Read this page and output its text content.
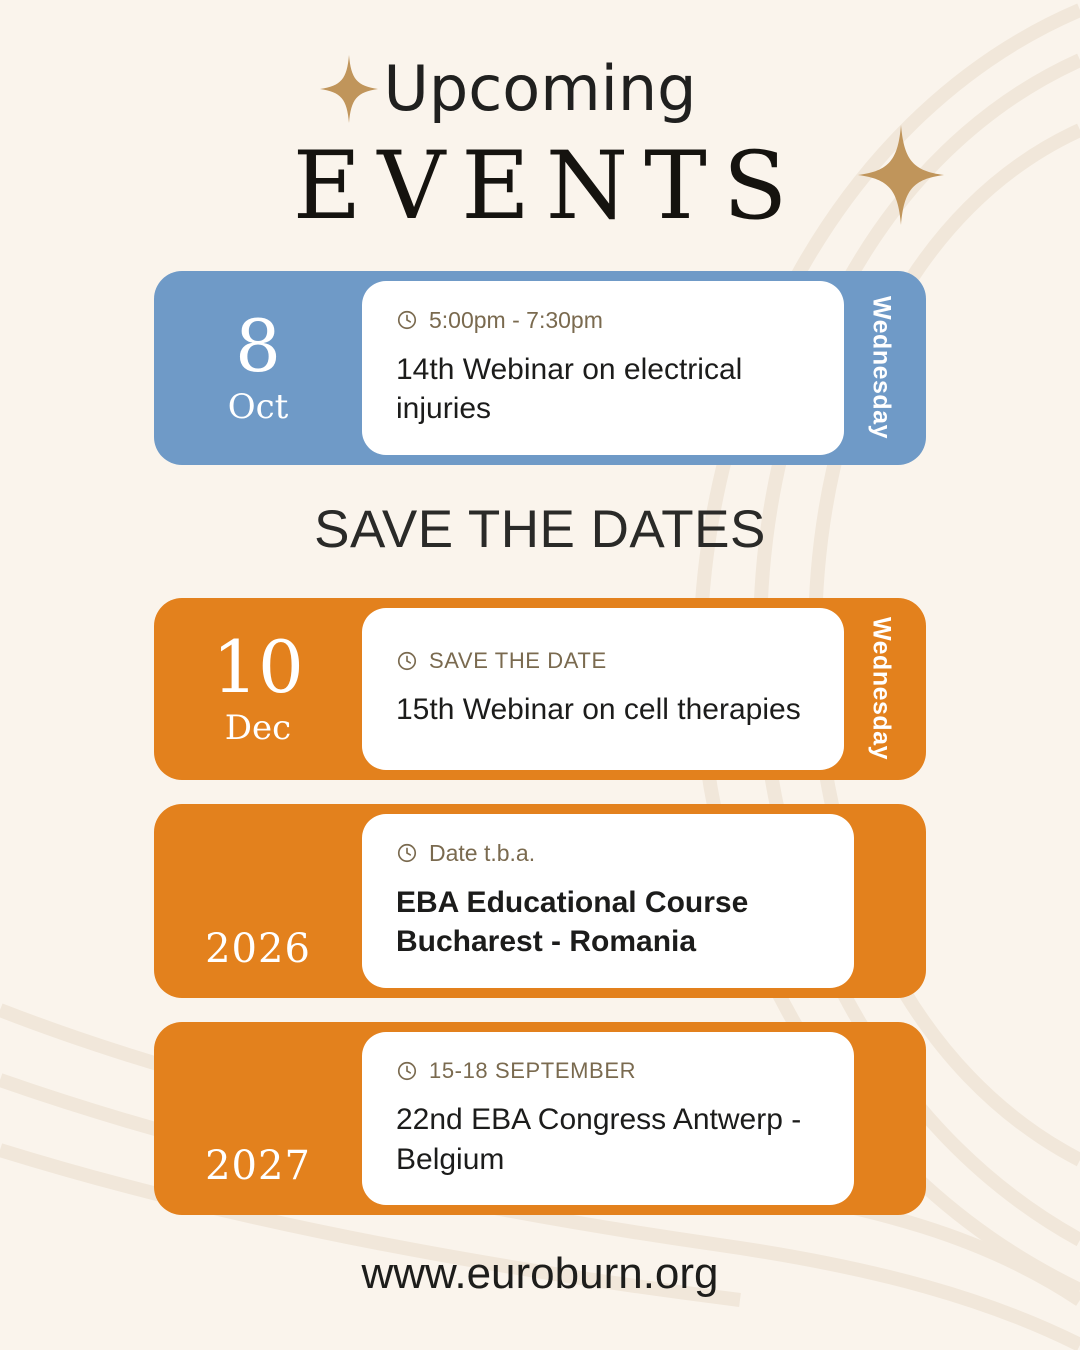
Upcoming
EVENTS
8
Oct
5:00pm - 7:30pm
14th Webinar on electrical injuries	Wednesday
SAVE THE DATES
10
Dec
SAVE THE DATE
15th Webinar on cell therapies	Wednesday
2026
Date t.b.a.
EBA Educational Course Bucharest - Romania
2027
15-18 SEPTEMBER
22nd EBA Congress Antwerp - Belgium
www.euroburn.org
